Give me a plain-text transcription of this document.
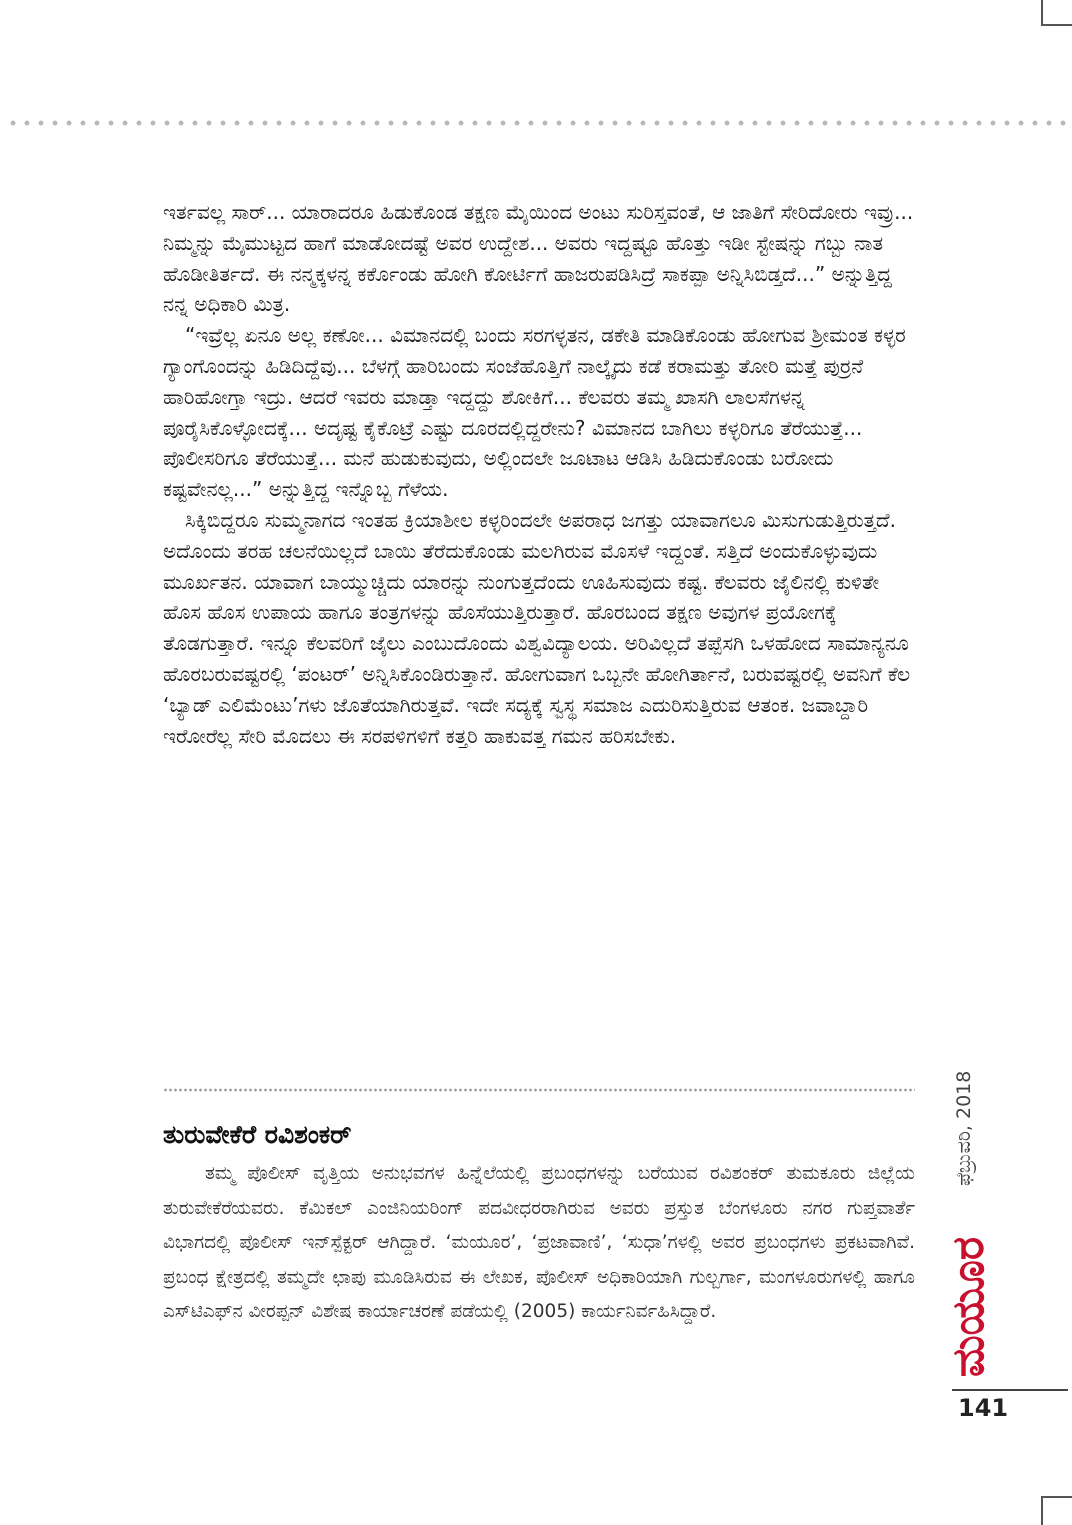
ಇರ್ತವಲ್ಲ ಸಾರ್... ಯಾರಾದರೂ ಹಿಡುಕೊಂಡ ತಕ್ಷಣ ಮೈಯಿಂದ ಅಂಟು ಸುರಿಸ್ತವಂತೆ, ಆ ಜಾತಿಗೆ ಸೇರಿದೋರು ಇವ್ರು... ನಿಮ್ಮನ್ನು ಮೈಮುಟ್ಟದ ಹಾಗೆ ಮಾಡೋದಷ್ಟೆ ಅವರ ಉದ್ದೇಶ... ಅವರು ಇದ್ದಷ್ಟೂ ಹೊತ್ತು ಇಡೀ ಸ್ಟೇಷನ್ನು ಗಬ್ಬು ನಾತ ಹೊಡೀತಿರ್ತದೆ. ಈ ನನ್ಮಕ್ಕಳನ್ನ ಕರ್ಕೊಂಡು ಹೋಗಿ ಕೋರ್ಟಿಗೆ ಹಾಜರುಪಡಿಸಿದ್ರೆ ಸಾಕಪ್ಪಾ ಅನ್ನಿಸಿಬಿಡ್ತದೆ...” ಅನ್ನುತ್ತಿದ್ದ ನನ್ನ ಅಧಿಕಾರಿ ಮಿತ್ರ.

“ಇವ್ರೆಲ್ಲ ಏನೂ ಅಲ್ಲ ಕಣೋ... ವಿಮಾನದಲ್ಲಿ ಬಂದು ಸರಗಳ್ಳತನ, ಡಕೇತಿ ಮಾಡಿಕೊಂಡು ಹೋಗುವ ಶ್ರೀಮಂತ ಕಳ್ಳರ ಗ್ಯಾಂಗೊಂದನ್ನು ಹಿಡಿದಿದ್ದೆವು... ಬೆಳಗ್ಗೆ ಹಾರಿಬಂದು ಸಂಜೆಹೊತ್ತಿಗೆ ನಾಲ್ಕೈದು ಕಡೆ ಕರಾಮತ್ತು ತೋರಿ ಮತ್ತೆ ಪುರ್ರನೆ ಹಾರಿಹೋಗ್ತಾ ಇದ್ರು. ಆದರೆ ಇವರು ಮಾಡ್ತಾ ಇದ್ದದ್ದು ಶೋಕಿಗೆ... ಕೆಲವರು ತಮ್ಮ ಖಾಸಗಿ ಲಾಲಸೆಗಳನ್ನ ಪೂರೈಸಿಕೊಳ್ಳೋದಕ್ಕೆ... ಅದೃಷ್ಟ ಕೈಕೊಟ್ರೆ ಎಷ್ಟು ದೂರದಲ್ಲಿದ್ದರೇನು? ವಿಮಾನದ ಬಾಗಿಲು ಕಳ್ಳರಿಗೂ ತೆರೆಯುತ್ತೆ... ಪೊಲೀಸರಿಗೂ ತೆರೆಯುತ್ತೆ... ಮನೆ ಹುಡುಕುವುದು, ಅಲ್ಲಿಂದಲೇ ಜೂಟಾಟ ಆಡಿಸಿ ಹಿಡಿದುಕೊಂಡು ಬರೋದು ಕಷ್ಟವೇನಲ್ಲ...” ಅನ್ನುತ್ತಿದ್ದ ಇನ್ನೊಬ್ಬ ಗೆಳೆಯ.

ಸಿಕ್ಕಿಬಿದ್ದರೂ ಸುಮ್ಮನಾಗದ ಇಂತಹ ಕ್ರಿಯಾಶೀಲ ಕಳ್ಳರಿಂದಲೇ ಅಪರಾಧ ಜಗತ್ತು ಯಾವಾಗಲೂ ಮಿಸುಗುಡುತ್ತಿರುತ್ತದೆ. ಅದೊಂದು ತರಹ ಚಲನೆಯಿಲ್ಲದೆ ಬಾಯಿ ತೆರೆದುಕೊಂಡು ಮಲಗಿರುವ ಮೊಸಳೆ ಇದ್ದಂತೆ. ಸತ್ತಿದೆ ಅಂದುಕೊಳ್ಳುವುದು ಮೂರ್ಖತನ. ಯಾವಾಗ ಬಾಯ್ಮುಚ್ಚಿದು ಯಾರನ್ನು ನುಂಗುತ್ತದೆಂದು ಊಹಿಸುವುದು ಕಷ್ಟ. ಕೆಲವರು ಜೈಲಿನಲ್ಲಿ ಕುಳಿತೇ ಹೊಸ ಹೊಸ ಉಪಾಯ ಹಾಗೂ ತಂತ್ರಗಳನ್ನು ಹೊಸೆಯುತ್ತಿರುತ್ತಾರೆ. ಹೊರಬಂದ ತಕ್ಷಣ ಅವುಗಳ ಪ್ರಯೋಗಕ್ಕೆ ತೊಡಗುತ್ತಾರೆ. ಇನ್ನೂ ಕೆಲವರಿಗೆ ಜೈಲು ಎಂಬುದೊಂದು ವಿಶ್ವವಿದ್ಯಾಲಯ. ಅರಿವಿಲ್ಲದೆ ತಪ್ಪೆಸಗಿ ಒಳಹೋದ ಸಾಮಾನ್ಯನೂ ಹೊರಬರುವಷ್ಟರಲ್ಲಿ ‘ಪಂಟರ್’ ಅನ್ನಿಸಿಕೊಂಡಿರುತ್ತಾನೆ. ಹೋಗುವಾಗ ಒಬ್ಬನೇ ಹೋಗಿರ್ತಾನೆ, ಬರುವಷ್ಟರಲ್ಲಿ ಅವನಿಗೆ ಕೆಲ ‘ಬ್ಯಾಡ್ ಎಲಿಮೆಂಟು’ಗಳು ಜೊತೆಯಾಗಿರುತ್ತವೆ. ಇದೇ ಸದ್ಯಕ್ಕೆ ಸ್ವಸ್ಥ ಸಮಾಜ ಎದುರಿಸುತ್ತಿರುವ ಆತಂಕ. ಜವಾಬ್ದಾರಿ ಇರೋರೆಲ್ಲ ಸೇರಿ ಮೊದಲು ಈ ಸರಪಳಿಗಳಿಗೆ ಕತ್ತರಿ ಹಾಕುವತ್ತ ಗಮನ ಹರಿಸಬೇಕು.

ತುರುವೇಕೆರೆ ರವಿಶಂಕರ್

ತಮ್ಮ ಪೊಲೀಸ್ ವೃತ್ತಿಯ ಅನುಭವಗಳ ಹಿನ್ನೆಲೆಯಲ್ಲಿ ಪ್ರಬಂಧಗಳನ್ನು ಬರೆಯುವ ರವಿಶಂಕರ್ ತುಮಕೂರು ಜಿಲ್ಲೆಯ ತುರುವೇಕೆರೆಯವರು. ಕೆಮಿಕಲ್ ಎಂಜಿನಿಯರಿಂಗ್ ಪದವೀಧರರಾಗಿರುವ ಅವರು ಪ್ರಸ್ತುತ ಬೆಂಗಳೂರು ನಗರ ಗುಪ್ತವಾರ್ತೆ ವಿಭಾಗದಲ್ಲಿ ಪೊಲೀಸ್ ಇನ್‌ಸ್ಪೆಕ್ಟರ್ ಆಗಿದ್ದಾರೆ. ‘ಮಯೂರ’, ‘ಪ್ರಜಾವಾಣಿ’, ‘ಸುಧಾ’ಗಳಲ್ಲಿ ಅವರ ಪ್ರಬಂಧಗಳು ಪ್ರಕಟವಾಗಿವೆ. ಪ್ರಬಂಧ ಕ್ಷೇತ್ರದಲ್ಲಿ ತಮ್ಮದೇ ಛಾಪು ಮೂಡಿಸಿರುವ ಈ ಲೇಖಕ, ಪೊಲೀಸ್ ಅಧಿಕಾರಿಯಾಗಿ ಗುಲ್ಬರ್ಗಾ, ಮಂಗಳೂರುಗಳಲ್ಲಿ ಹಾಗೂ ಎಸ್‌ಟಿಎಫ್‌ನ ವೀರಪ್ಪನ್ ವಿಶೇಷ ಕಾರ್ಯಾಚರಣೆ ಪಡೆಯಲ್ಲಿ (2005) ಕಾರ್ಯನಿರ್ವಹಿಸಿದ್ದಾರೆ.

ಫೆಬ್ರುವರಿ, 2018
ಮಯೂರ

141
